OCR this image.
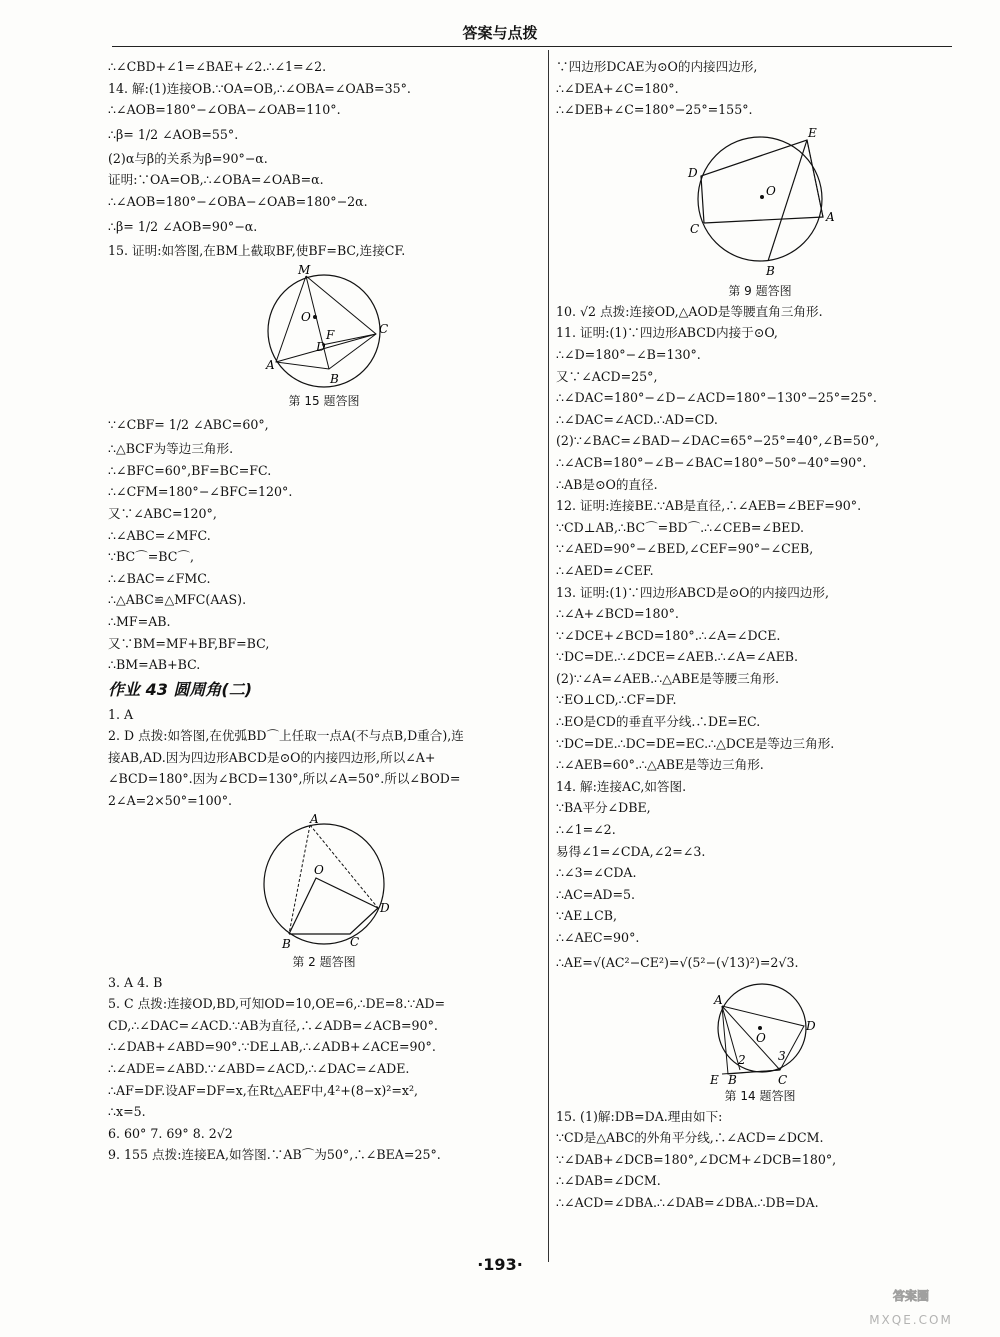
答案与点拨
∴∠CBD+∠1=∠BAE+∠2.∴∠1=∠2.
14. 解:(1)连接OB.∵OA=OB,∴∠OBA=∠OAB=35°.
∴∠AOB=180°−∠OBA−∠OAB=110°.
∴β= 1/2 ∠AOB=55°.
(2)α与β的关系为β=90°−α.
证明:∵OA=OB,∴∠OBA=∠OAB=α.
∴∠AOB=180°−∠OBA−∠OAB=180°−2α.
∴β= 1/2 ∠AOB=90°−α.
15. 证明:如答图,在BM上截取BF,使BF=BC,连接CF.
M
O
F
D
C
A
B
第 15 题答图
∵∠CBF= 1/2 ∠ABC=60°,
∴△BCF为等边三角形.
∴∠BFC=60°,BF=BC=FC.
∴∠CFM=180°−∠BFC=120°.
又∵∠ABC=120°,
∴∠ABC=∠MFC.
∵BC⌒=BC⌒,
∴∠BAC=∠FMC.
∴△ABC≌△MFC(AAS).
∴MF=AB.
又∵BM=MF+BF,BF=BC,
∴BM=AB+BC.
作业 43 圆周角(二)
1. A
2. D 点拨:如答图,在优弧BD⌒上任取一点A(不与点B,D重合),连
接AB,AD.因为四边形ABCD是⊙O的内接四边形,所以∠A+
∠BCD=180°.因为∠BCD=130°,所以∠A=50°.所以∠BOD=
2∠A=2×50°=100°.
A
O
D
C
B
第 2 题答图
3. A 4. B
5. C 点拨:连接OD,BD,可知OD=10,OE=6,∴DE=8.∵AD=
CD,∴∠DAC=∠ACD.∵AB为直径,∴∠ADB=∠ACB=90°.
∴∠DAB+∠ABD=90°.∵DE⊥AB,∴∠ADB+∠ACE=90°.
∴∠ADE=∠ABD.∵∠ABD=∠ACD,∴∠DAC=∠ADE.
∴AF=DF.设AF=DF=x,在Rt△AEF中,4²+(8−x)²=x²,
∴x=5.
6. 60° 7. 69° 8. 2√2
9. 155 点拨:连接EA,如答图.∵AB⌒为50°,∴∠BEA=25°.
∵四边形DCAE为⊙O的内接四边形,
∴∠DEA+∠C=180°.
∴∠DEB+∠C=180°−25°=155°.
D
E
O
A
C
B
第 9 题答图
10. √2 点拨:连接OD,△AOD是等腰直角三角形.
11. 证明:(1)∵四边形ABCD内接于⊙O,
∴∠D=180°−∠B=130°.
又∵∠ACD=25°,
∴∠DAC=180°−∠D−∠ACD=180°−130°−25°=25°.
∴∠DAC=∠ACD.∴AD=CD.
(2)∵∠BAC=∠BAD−∠DAC=65°−25°=40°,∠B=50°,
∴∠ACB=180°−∠B−∠BAC=180°−50°−40°=90°.
∴AB是⊙O的直径.
12. 证明:连接BE.∵AB是直径,∴∠AEB=∠BEF=90°.
∵CD⊥AB,∴BC⌒=BD⌒.∴∠CEB=∠BED.
∵∠AED=90°−∠BED,∠CEF=90°−∠CEB,
∴∠AED=∠CEF.
13. 证明:(1)∵四边形ABCD是⊙O的内接四边形,
∴∠A+∠BCD=180°.
∵∠DCE+∠BCD=180°.∴∠A=∠DCE.
∵DC=DE.∴∠DCE=∠AEB.∴∠A=∠AEB.
(2)∵∠A=∠AEB.∴△ABE是等腰三角形.
∵EO⊥CD,∴CF=DF.
∴EO是CD的垂直平分线.∴DE=EC.
∵DC=DE.∴DC=DE=EC.∴△DCE是等边三角形.
∴∠AEB=60°.∴△ABE是等边三角形.
14. 解:连接AC,如答图.
∵BA平分∠DBE,
∴∠1=∠2.
易得∠1=∠CDA,∠2=∠3.
∴∠3=∠CDA.
∴AC=AD=5.
∵AE⊥CB,
∴∠AEC=90°.
∴AE=√(AC²−CE²)=√(5²−(√13)²)=2√3.
A
O
D
2	3
E B	C
第 14 题答图
15. (1)解:DB=DA.理由如下:
∵CD是△ABC的外角平分线,∴∠ACD=∠DCM.
∵∠DAB+∠DCB=180°,∠DCM+∠DCB=180°,
∴∠DAB=∠DCM.
∴∠ACD=∠DBA.∴∠DAB=∠DBA.∴DB=DA.
·193·
答案圈
MXQE.COM
